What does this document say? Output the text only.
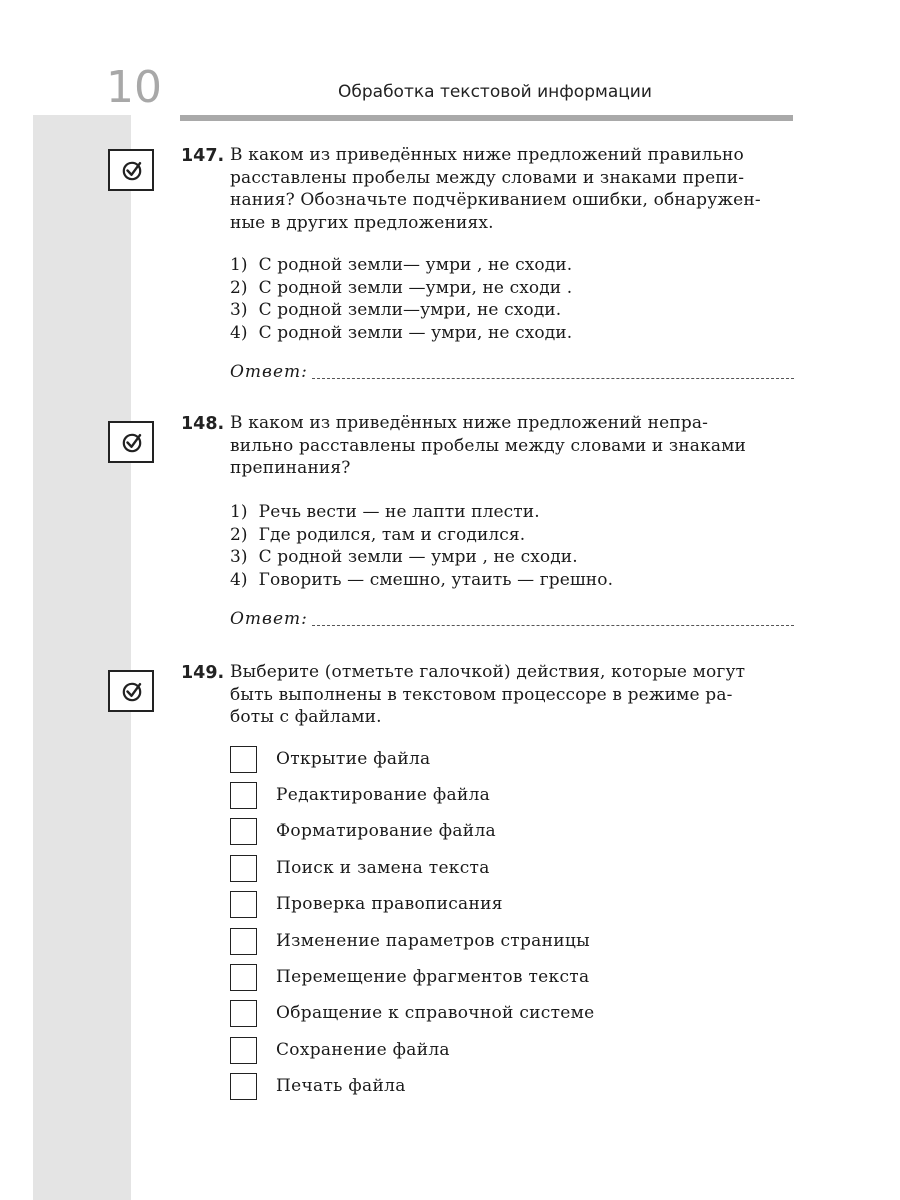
10	Обработка текстовой информации
147. В каком из приведённых ниже предложений правильно
расставлены пробелы между словами и знаками препи-
нания? Обозначьте подчёркиванием ошибки, обнаружен-
ные в других предложениях.
1)  С родной земли— умри , не сходи.
2)  С родной земли —умри, не сходи .
3)  С родной земли—умри, не сходи.
4)  С родной земли — умри, не сходи.
Ответ:
148. В каком из приведённых ниже предложений непра-
вильно расставлены пробелы между словами и знаками
препинания?
1)  Речь вести — не лапти плести.
2)  Где родился, там и сгодился.
3)  С родной земли — умри , не сходи.
4)  Говорить — смешно, утаить — грешно.
Ответ:
149. Выберите (отметьте галочкой) действия, которые могут
быть выполнены в текстовом процессоре в режиме ра-
боты с файлами.
Открытие файла
Редактирование файла
Форматирование файла
Поиск и замена текста
Проверка правописания
Изменение параметров страницы
Перемещение фрагментов текста
Обращение к справочной системе
Сохранение файла
Печать файла
